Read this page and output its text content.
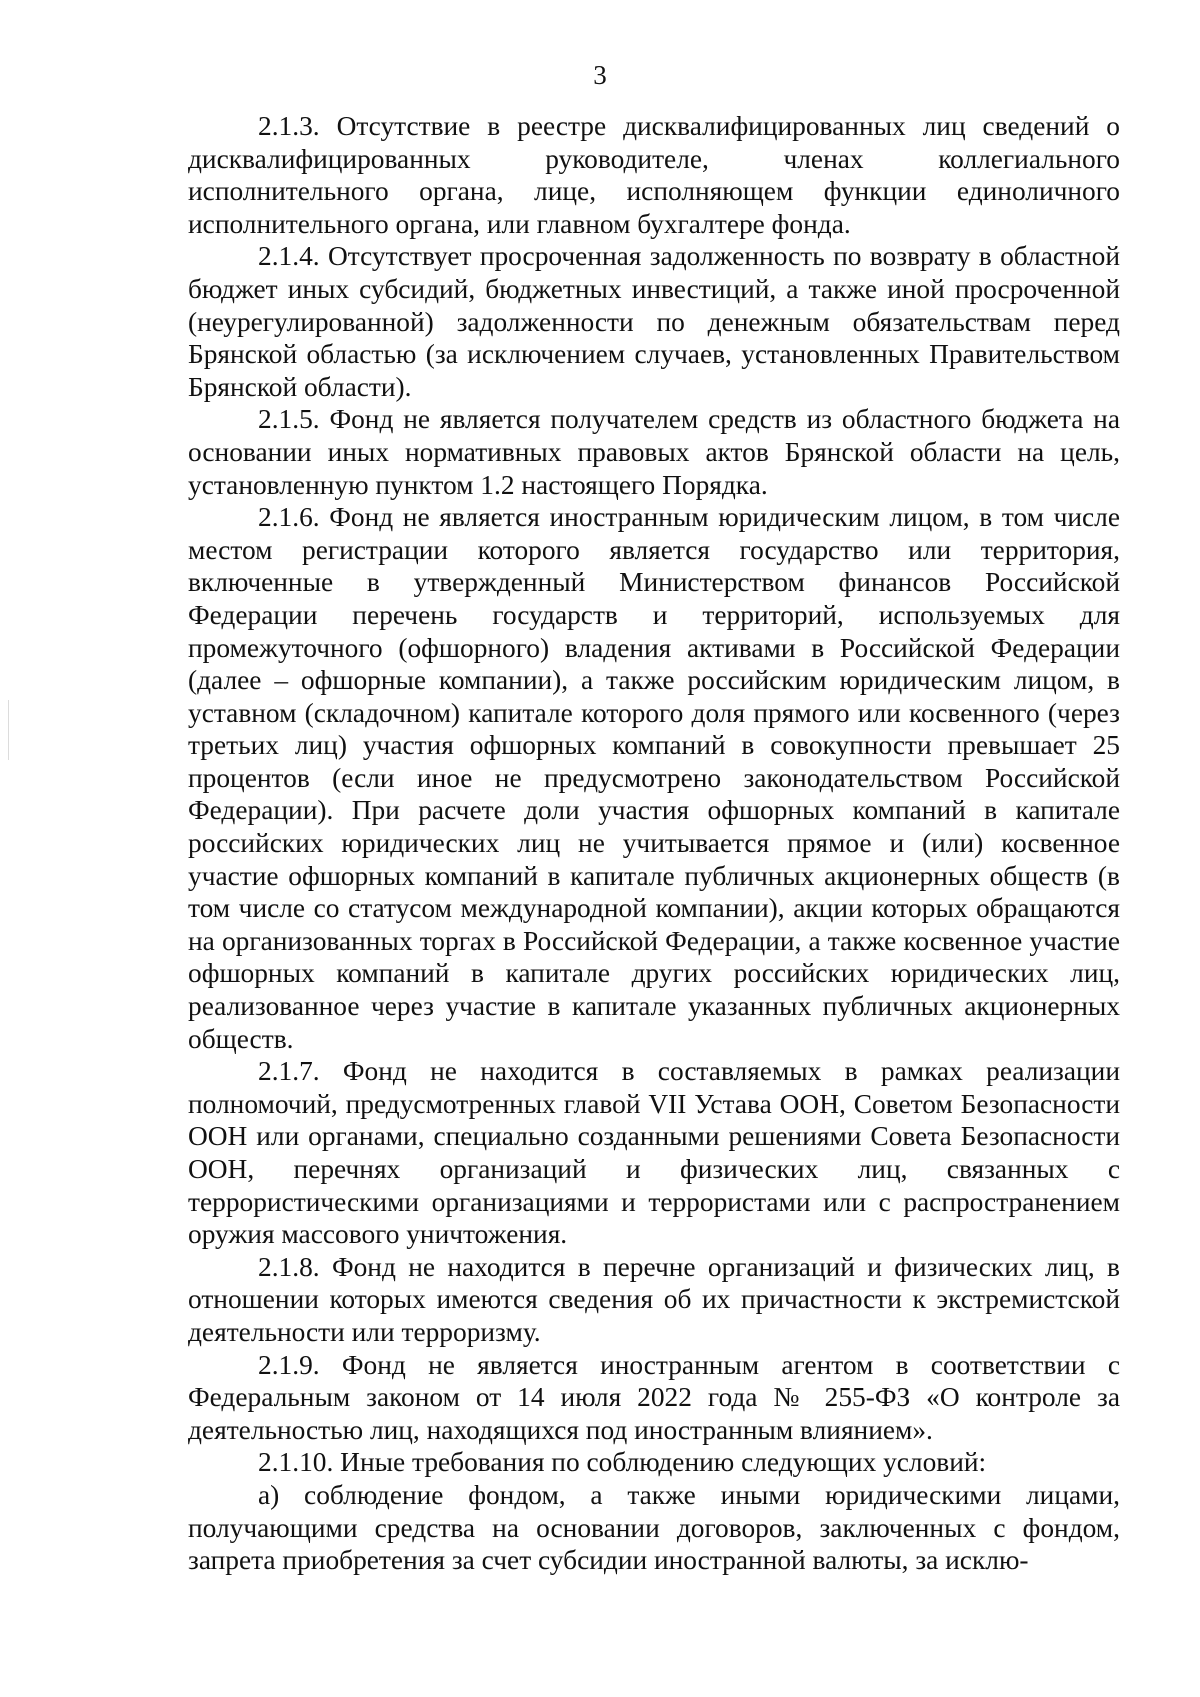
3

2.1.3. Отсутствие в реестре дисквалифицированных лиц сведений о дисквалифицированных руководителе, членах коллегиального исполнительного органа, лице, исполняющем функции единоличного исполнительного органа, или главном бухгалтере фонда.

2.1.4. Отсутствует просроченная задолженность по возврату в областной бюджет иных субсидий, бюджетных инвестиций, а также иной просроченной (неурегулированной) задолженности по денежным обязательствам перед Брянской областью (за исключением случаев, установленных Правительством Брянской области).

2.1.5. Фонд не является получателем средств из областного бюджета на основании иных нормативных правовых актов Брянской области на цель, установленную пунктом 1.2 настоящего Порядка.

2.1.6. Фонд не является иностранным юридическим лицом, в том числе местом регистрации которого является государство или территория, включенные в утвержденный Министерством финансов Российской Федерации перечень государств и территорий, используемых для промежуточного (офшорного) владения активами в Российской Федерации (далее – офшорные компании), а также российским юридическим лицом, в уставном (складочном) капитале которого доля прямого или косвенного (через третьих лиц) участия офшорных компаний в совокупности превышает 25 процентов (если иное не предусмотрено законодательством Российской Федерации). При расчете доли участия офшорных компаний в капитале российских юридических лиц не учитывается прямое и (или) косвенное участие офшорных компаний в капитале публичных акционерных обществ (в том числе со статусом международной компании), акции которых обращаются на организованных торгах в Российской Федерации, а также косвенное участие офшорных компаний в капитале других российских юридических лиц, реализованное через участие в капитале указанных публичных акционерных обществ.

2.1.7. Фонд не находится в составляемых в рамках реализации полномочий, предусмотренных главой VII Устава ООН, Советом Безопасности ООН или органами, специально созданными решениями Совета Безопасности ООН, перечнях организаций и физических лиц, связанных с террористическими организациями и террористами или с распространением оружия массового уничтожения.

2.1.8. Фонд не находится в перечне организаций и физических лиц, в отношении которых имеются сведения об их причастности к экстремистской деятельности или терроризму.

2.1.9. Фонд не является иностранным агентом в соответствии с Федеральным законом от 14 июля 2022 года № 255-ФЗ «О контроле за деятельностью лиц, находящихся под иностранным влиянием».

2.1.10. Иные требования по соблюдению следующих условий:

а) соблюдение фондом, а также иными юридическими лицами, получающими средства на основании договоров, заключенных с фондом, запрета приобретения за счет субсидии иностранной валюты, за исклю-
